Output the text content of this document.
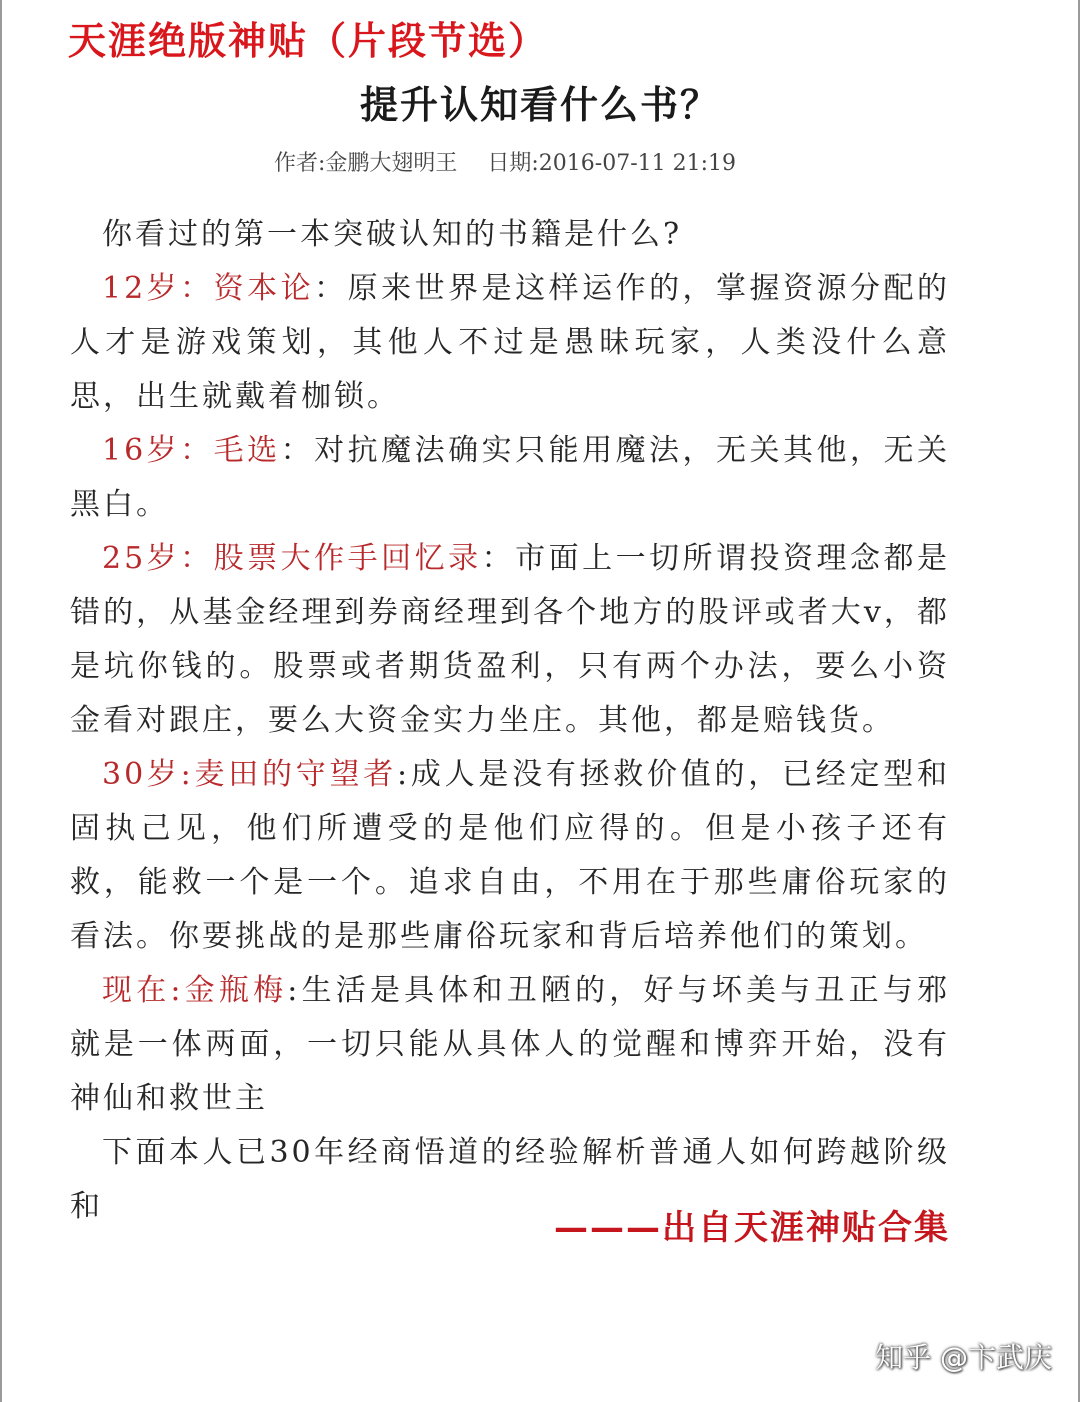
天涯绝版神贴（片段节选）
提升认知看什么书？
作者:金鹏大翅明王 日期:2016-07-11 21:19

你看过的第一本突破认知的书籍是什么?

12岁：资本论：原来世界是这样运作的，掌握资源分配的人才是游戏策划，其他人不过是愚昧玩家，人类没什么意思，出生就戴着枷锁。

16岁：毛选：对抗魔法确实只能用魔法，无关其他，无关黑白。

25岁：股票大作手回忆录：市面上一切所谓投资理念都是错的，从基金经理到券商经理到各个地方的股评或者大v，都是坑你钱的。股票或者期货盈利，只有两个办法，要么小资金看对跟庄，要么大资金实力坐庄。其他，都是赔钱货。

30岁:麦田的守望者:成人是没有拯救价值的，已经定型和固执己见，他们所遭受的是他们应得的。但是小孩子还有救，能救一个是一个。追求自由，不用在于那些庸俗玩家的看法。你要挑战的是那些庸俗玩家和背后培养他们的策划。

现在:金瓶梅:生活是具体和丑陋的，好与坏美与丑正与邪就是一体两面，一切只能从具体人的觉醒和博弈开始，没有神仙和救世主

下面本人已30年经商悟道的经验解析普通人如何跨越阶级和

———出自天涯神贴合集
知乎 @卞武庆
